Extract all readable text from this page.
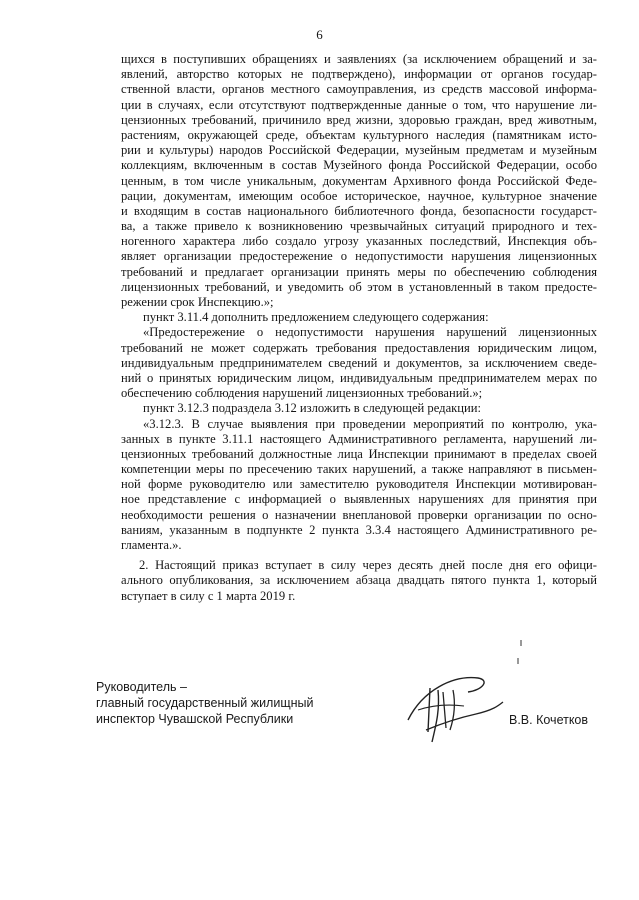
6
щихся в поступивших обращениях и заявлениях (за исключением обращений и за-
явлений, авторство которых не подтверждено), информации от органов государ-
ственной власти, органов местного самоуправления, из средств массовой информа-
ции в случаях, если отсутствуют подтвержденные данные о том, что нарушение ли-
цензионных требований, причинило вред жизни, здоровью граждан, вред животным,
растениям, окружающей среде, объектам культурного наследия (памятникам исто-
рии и культуры) народов Российской Федерации, музейным предметам и музейным
коллекциям, включенным в состав Музейного фонда Российской Федерации, особо
ценным, в том числе уникальным, документам Архивного фонда Российской Феде-
рации, документам, имеющим особое историческое, научное, культурное значение
и входящим в состав национального библиотечного фонда, безопасности государст-
ва, а также привело к возникновению чрезвычайных ситуаций природного и тех-
ногенного характера либо создало угрозу указанных последствий, Инспекция объ-
являет организации предостережение о недопустимости нарушения лицензионных
требований и предлагает организации принять меры по обеспечению соблюдения
лицензионных требований, и уведомить об этом в установленный в таком предосте-
режении срок Инспекцию.»;
пункт 3.11.4 дополнить предложением следующего содержания:
«Предостережение о недопустимости нарушения нарушений лицензионных
требований не может содержать требования предоставления юридическим лицом,
индивидуальным предпринимателем сведений и документов, за исключением сведе-
ний о принятых юридическим лицом, индивидуальным предпринимателем мерах по
обеспечению соблюдения нарушений лицензионных требований.»;
пункт 3.12.3 подраздела 3.12 изложить в следующей редакции:
«3.12.3. В случае выявления при проведении мероприятий по контролю, ука-
занных в пункте 3.11.1 настоящего Административного регламента, нарушений ли-
цензионных требований должностные лица Инспекции принимают в пределах своей
компетенции меры по пресечению таких нарушений, а также направляют в письмен-
ной форме руководителю или заместителю руководителя Инспекции мотивирован-
ное представление с информацией о выявленных нарушениях для принятия при
необходимости решения о назначении внеплановой проверки организации по осно-
ваниям, указанным в подпункте 2 пункта 3.3.4 настоящего Административного ре-
гламента.».
2. Настоящий приказ вступает в силу через десять дней после дня его офици-
ального опубликования, за исключением абзаца двадцать пятого пункта 1, который
вступает в силу с 1 марта 2019 г.
Руководитель –
главный государственный жилищный
инспектор Чувашской Республики	В.В. Кочетков
